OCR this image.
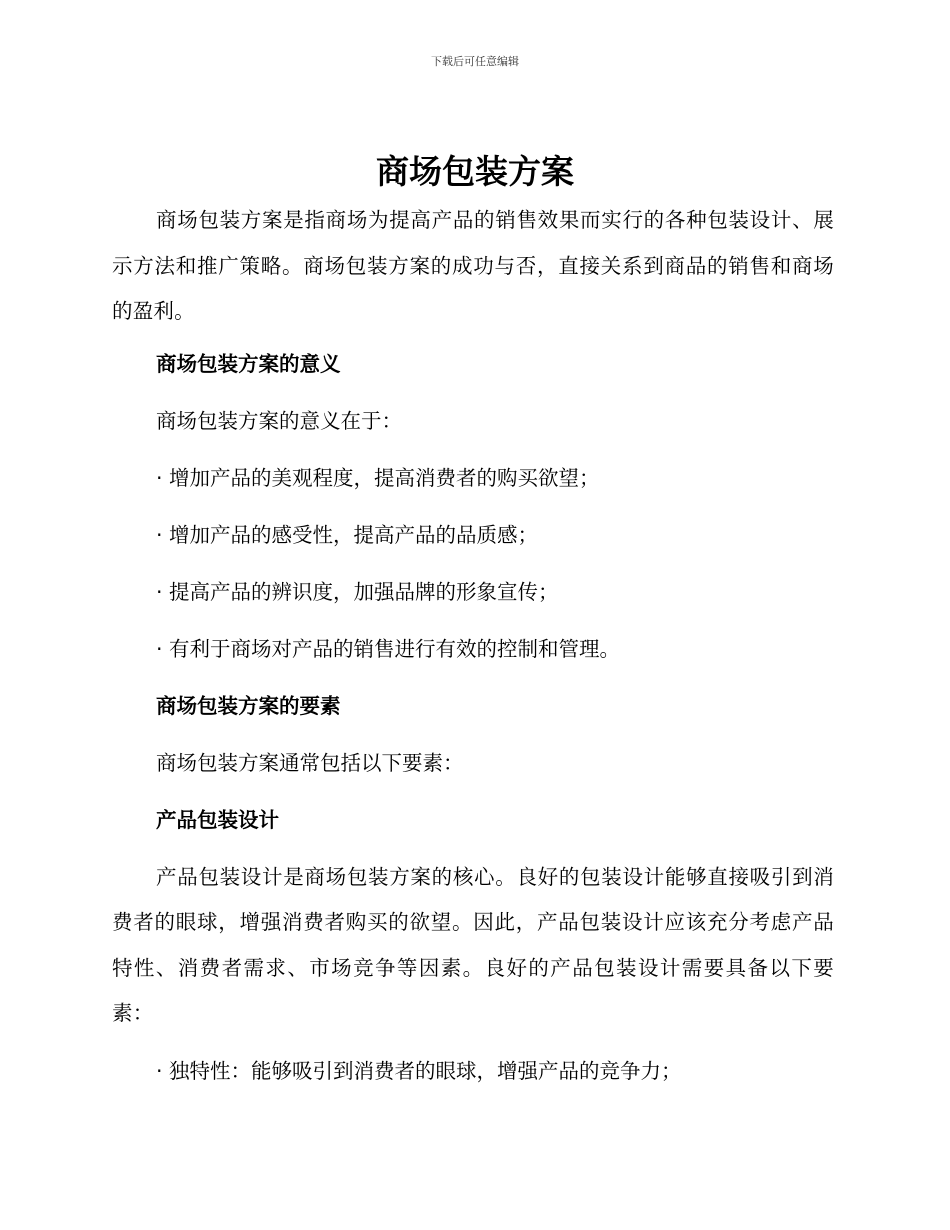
下载后可任意编辑
商场包装方案

商场包装方案是指商场为提高产品的销售效果而实行的各种包装设计、展示方法和推广策略。商场包装方案的成功与否，直接关系到商品的销售和商场的盈利。

商场包装方案的意义

商场包装方案的意义在于：

· 增加产品的美观程度，提高消费者的购买欲望；

· 增加产品的感受性，提高产品的品质感；

· 提高产品的辨识度，加强品牌的形象宣传；

· 有利于商场对产品的销售进行有效的控制和管理。

商场包装方案的要素

商场包装方案通常包括以下要素：

产品包装设计

产品包装设计是商场包装方案的核心。良好的包装设计能够直接吸引到消费者的眼球，增强消费者购买的欲望。因此，产品包装设计应该充分考虑产品特性、消费者需求、市场竞争等因素。良好的产品包装设计需要具备以下要素：

· 独特性：能够吸引到消费者的眼球，增强产品的竞争力；
